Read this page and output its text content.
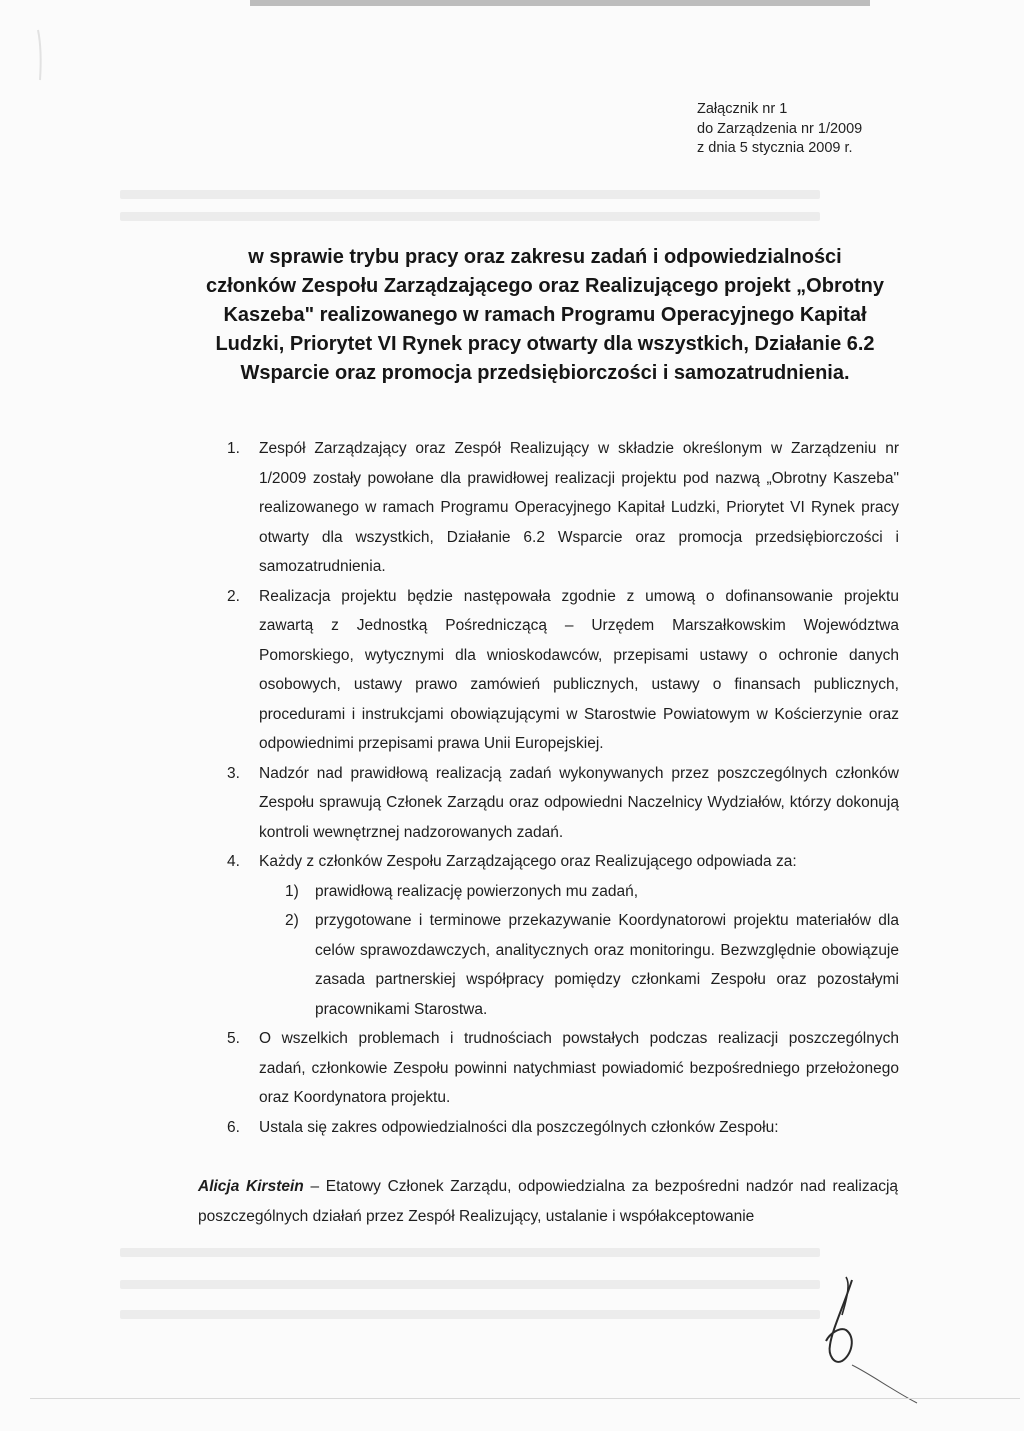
Załącznik nr 1
do Zarządzenia nr 1/2009
z dnia 5 stycznia 2009 r.
w sprawie trybu pracy oraz zakresu zadań i odpowiedzialności
członków Zespołu Zarządzającego oraz Realizującego projekt „Obrotny
Kaszeba" realizowanego w ramach Programu Operacyjnego Kapitał
Ludzki, Priorytet VI Rynek pracy otwarty dla wszystkich, Działanie 6.2
Wsparcie oraz promocja przedsiębiorczości i samozatrudnienia.
1. Zespół Zarządzający oraz Zespół Realizujący w składzie określonym w Zarządzeniu nr 1/2009 zostały powołane dla prawidłowej realizacji projektu pod nazwą „Obrotny Kaszeba" realizowanego w ramach Programu Operacyjnego Kapitał Ludzki, Priorytet VI Rynek pracy otwarty dla wszystkich, Działanie 6.2 Wsparcie oraz promocja przedsiębiorczości i samozatrudnienia.
2. Realizacja projektu będzie następowała zgodnie z umową o dofinansowanie projektu zawartą z Jednostką Pośredniczącą – Urzędem Marszałkowskim Województwa Pomorskiego, wytycznymi dla wnioskodawców, przepisami ustawy o ochronie danych osobowych, ustawy prawo zamówień publicznych, ustawy o finansach publicznych, procedurami i instrukcjami obowiązującymi w Starostwie Powiatowym w Kościerzynie oraz odpowiednimi przepisami prawa Unii Europejskiej.
3. Nadzór nad prawidłową realizacją zadań wykonywanych przez poszczególnych członków Zespołu sprawują Członek Zarządu oraz odpowiedni Naczelnicy Wydziałów, którzy dokonują kontroli wewnętrznej nadzorowanych zadań.
4. Każdy z członków Zespołu Zarządzającego oraz Realizującego odpowiada za:
1) prawidłową realizację powierzonych mu zadań,
2) przygotowane i terminowe przekazywanie Koordynatorowi projektu materiałów dla celów sprawozdawczych, analitycznych oraz monitoringu. Bezwzględnie obowiązuje zasada partnerskiej współpracy pomiędzy członkami Zespołu oraz pozostałymi pracownikami Starostwa.
5. O wszelkich problemach i trudnościach powstałych podczas realizacji poszczególnych zadań, członkowie Zespołu powinni natychmiast powiadomić bezpośredniego przełożonego oraz Koordynatora projektu.
6. Ustala się zakres odpowiedzialności dla poszczególnych członków Zespołu:
Alicja Kirstein – Etatowy Członek Zarządu, odpowiedzialna za bezpośredni nadzór nad realizacją poszczególnych działań przez Zespół Realizujący, ustalanie i współakceptowanie
